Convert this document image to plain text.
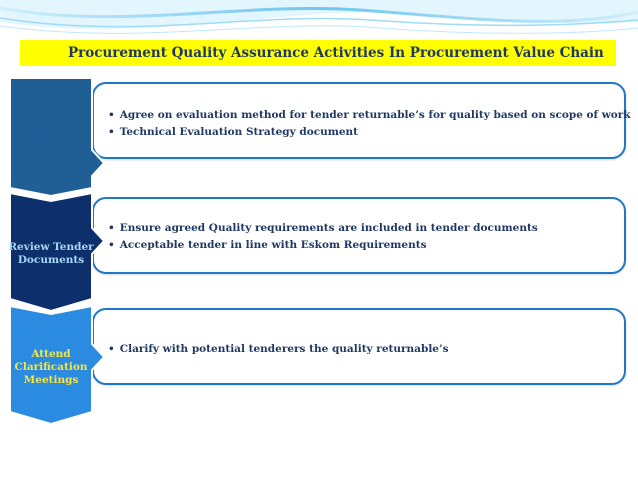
Procurement Quality Assurance Activities In Procurement Value Chain
• Agree on evaluation method for tender returnable’s for quality based on scope of work
• Technical Evaluation Strategy document
Procurement Strategy Meetings
• Ensure agreed Quality requirements are included in tender documents
• Acceptable tender in line with Eskom Requirements
Review Tender Documents
• Clarify with potential tenderers the quality returnable’s
Attend Clarification Meetings
